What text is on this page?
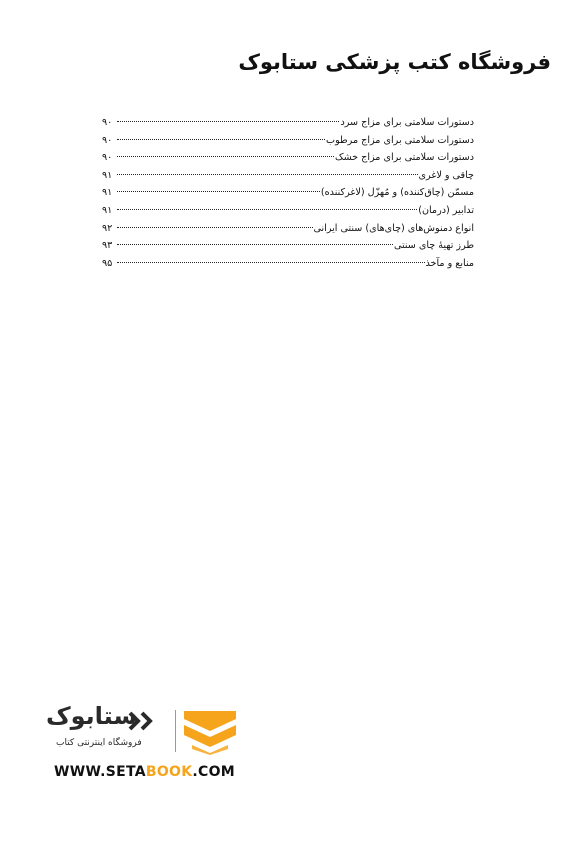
فروشگاه کتب پزشکی ستابوک
دستورات سلامتی برای مزاج سرد
۹۰
دستورات سلامتی برای مزاج مرطوب
۹۰
دستورات سلامتی برای مزاج خشک
۹۰
چاقی و لاغری
۹۱
مسمّن (چاق‌کننده) و مُهزّل (لاغرکننده)
۹۱
تدابیر (درمان)
۹۱
انواع دمنوش‌های (چای‌های) سنتی ایرانی
۹۲
طرز تهیهٔ چای سنتی
۹۳
منابع و مآخذ
۹۵
ستابوک
فروشگاه اینترنتی کتاب
WWW.SETABOOK.COM
